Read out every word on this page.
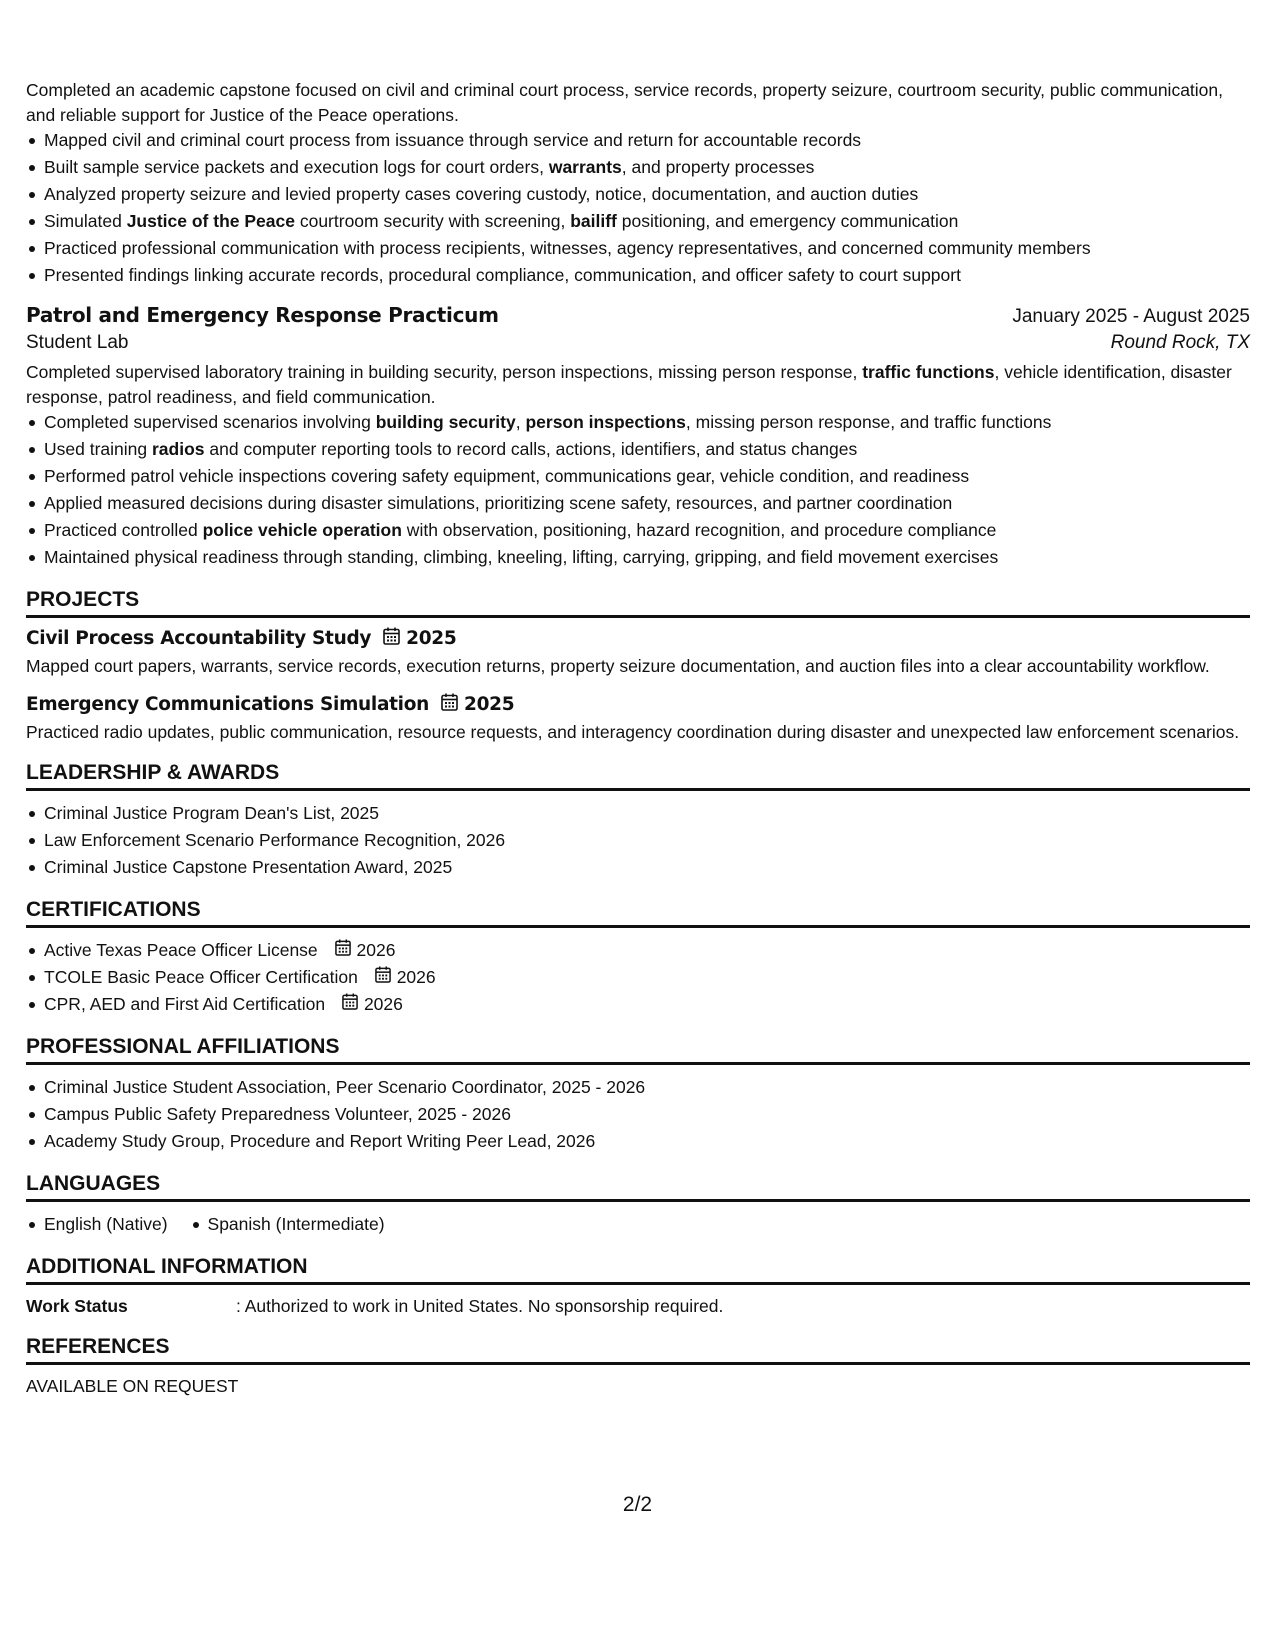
Completed an academic capstone focused on civil and criminal court process, service records, property seizure, courtroom security, public communication, and reliable support for Justice of the Peace operations.

Mapped civil and criminal court process from issuance through service and return for accountable records
Built sample service packets and execution logs for court orders, warrants, and property processes
Analyzed property seizure and levied property cases covering custody, notice, documentation, and auction duties
Simulated Justice of the Peace courtroom security with screening, bailiff positioning, and emergency communication
Practiced professional communication with process recipients, witnesses, agency representatives, and concerned community members
Presented findings linking accurate records, procedural compliance, communication, and officer safety to court support
Patrol and Emergency Response Practicum	January 2025 - August 2025
Student Lab	Round Rock, TX

Completed supervised laboratory training in building security, person inspections, missing person response, traffic functions, vehicle identification, disaster response, patrol readiness, and field communication.

Completed supervised scenarios involving building security, person inspections, missing person response, and traffic functions
Used training radios and computer reporting tools to record calls, actions, identifiers, and status changes
Performed patrol vehicle inspections covering safety equipment, communications gear, vehicle condition, and readiness
Applied measured decisions during disaster simulations, prioritizing scene safety, resources, and partner coordination
Practiced controlled police vehicle operation with observation, positioning, hazard recognition, and procedure compliance
Maintained physical readiness through standing, climbing, kneeling, lifting, carrying, gripping, and field movement exercises
PROJECTS
Civil Process Accountability Study 2025

Mapped court papers, warrants, service records, execution returns, property seizure documentation, and auction files into a clear accountability workflow.

Emergency Communications Simulation 2025

Practiced radio updates, public communication, resource requests, and interagency coordination during disaster and unexpected law enforcement scenarios.

LEADERSHIP & AWARDS
Criminal Justice Program Dean's List, 2025
Law Enforcement Scenario Performance Recognition, 2026
Criminal Justice Capstone Presentation Award, 2025
CERTIFICATIONS
Active Texas Peace Officer License 2026
TCOLE Basic Peace Officer Certification 2026
CPR, AED and First Aid Certification 2026
PROFESSIONAL AFFILIATIONS
Criminal Justice Student Association, Peer Scenario Coordinator, 2025 - 2026
Campus Public Safety Preparedness Volunteer, 2025 - 2026
Academy Study Group, Procedure and Report Writing Peer Lead, 2026
LANGUAGES
English (Native)	Spanish (Intermediate)
ADDITIONAL INFORMATION
Work Status	: Authorized to work in United States. No sponsorship required.
REFERENCES

AVAILABLE ON REQUEST

2/2
